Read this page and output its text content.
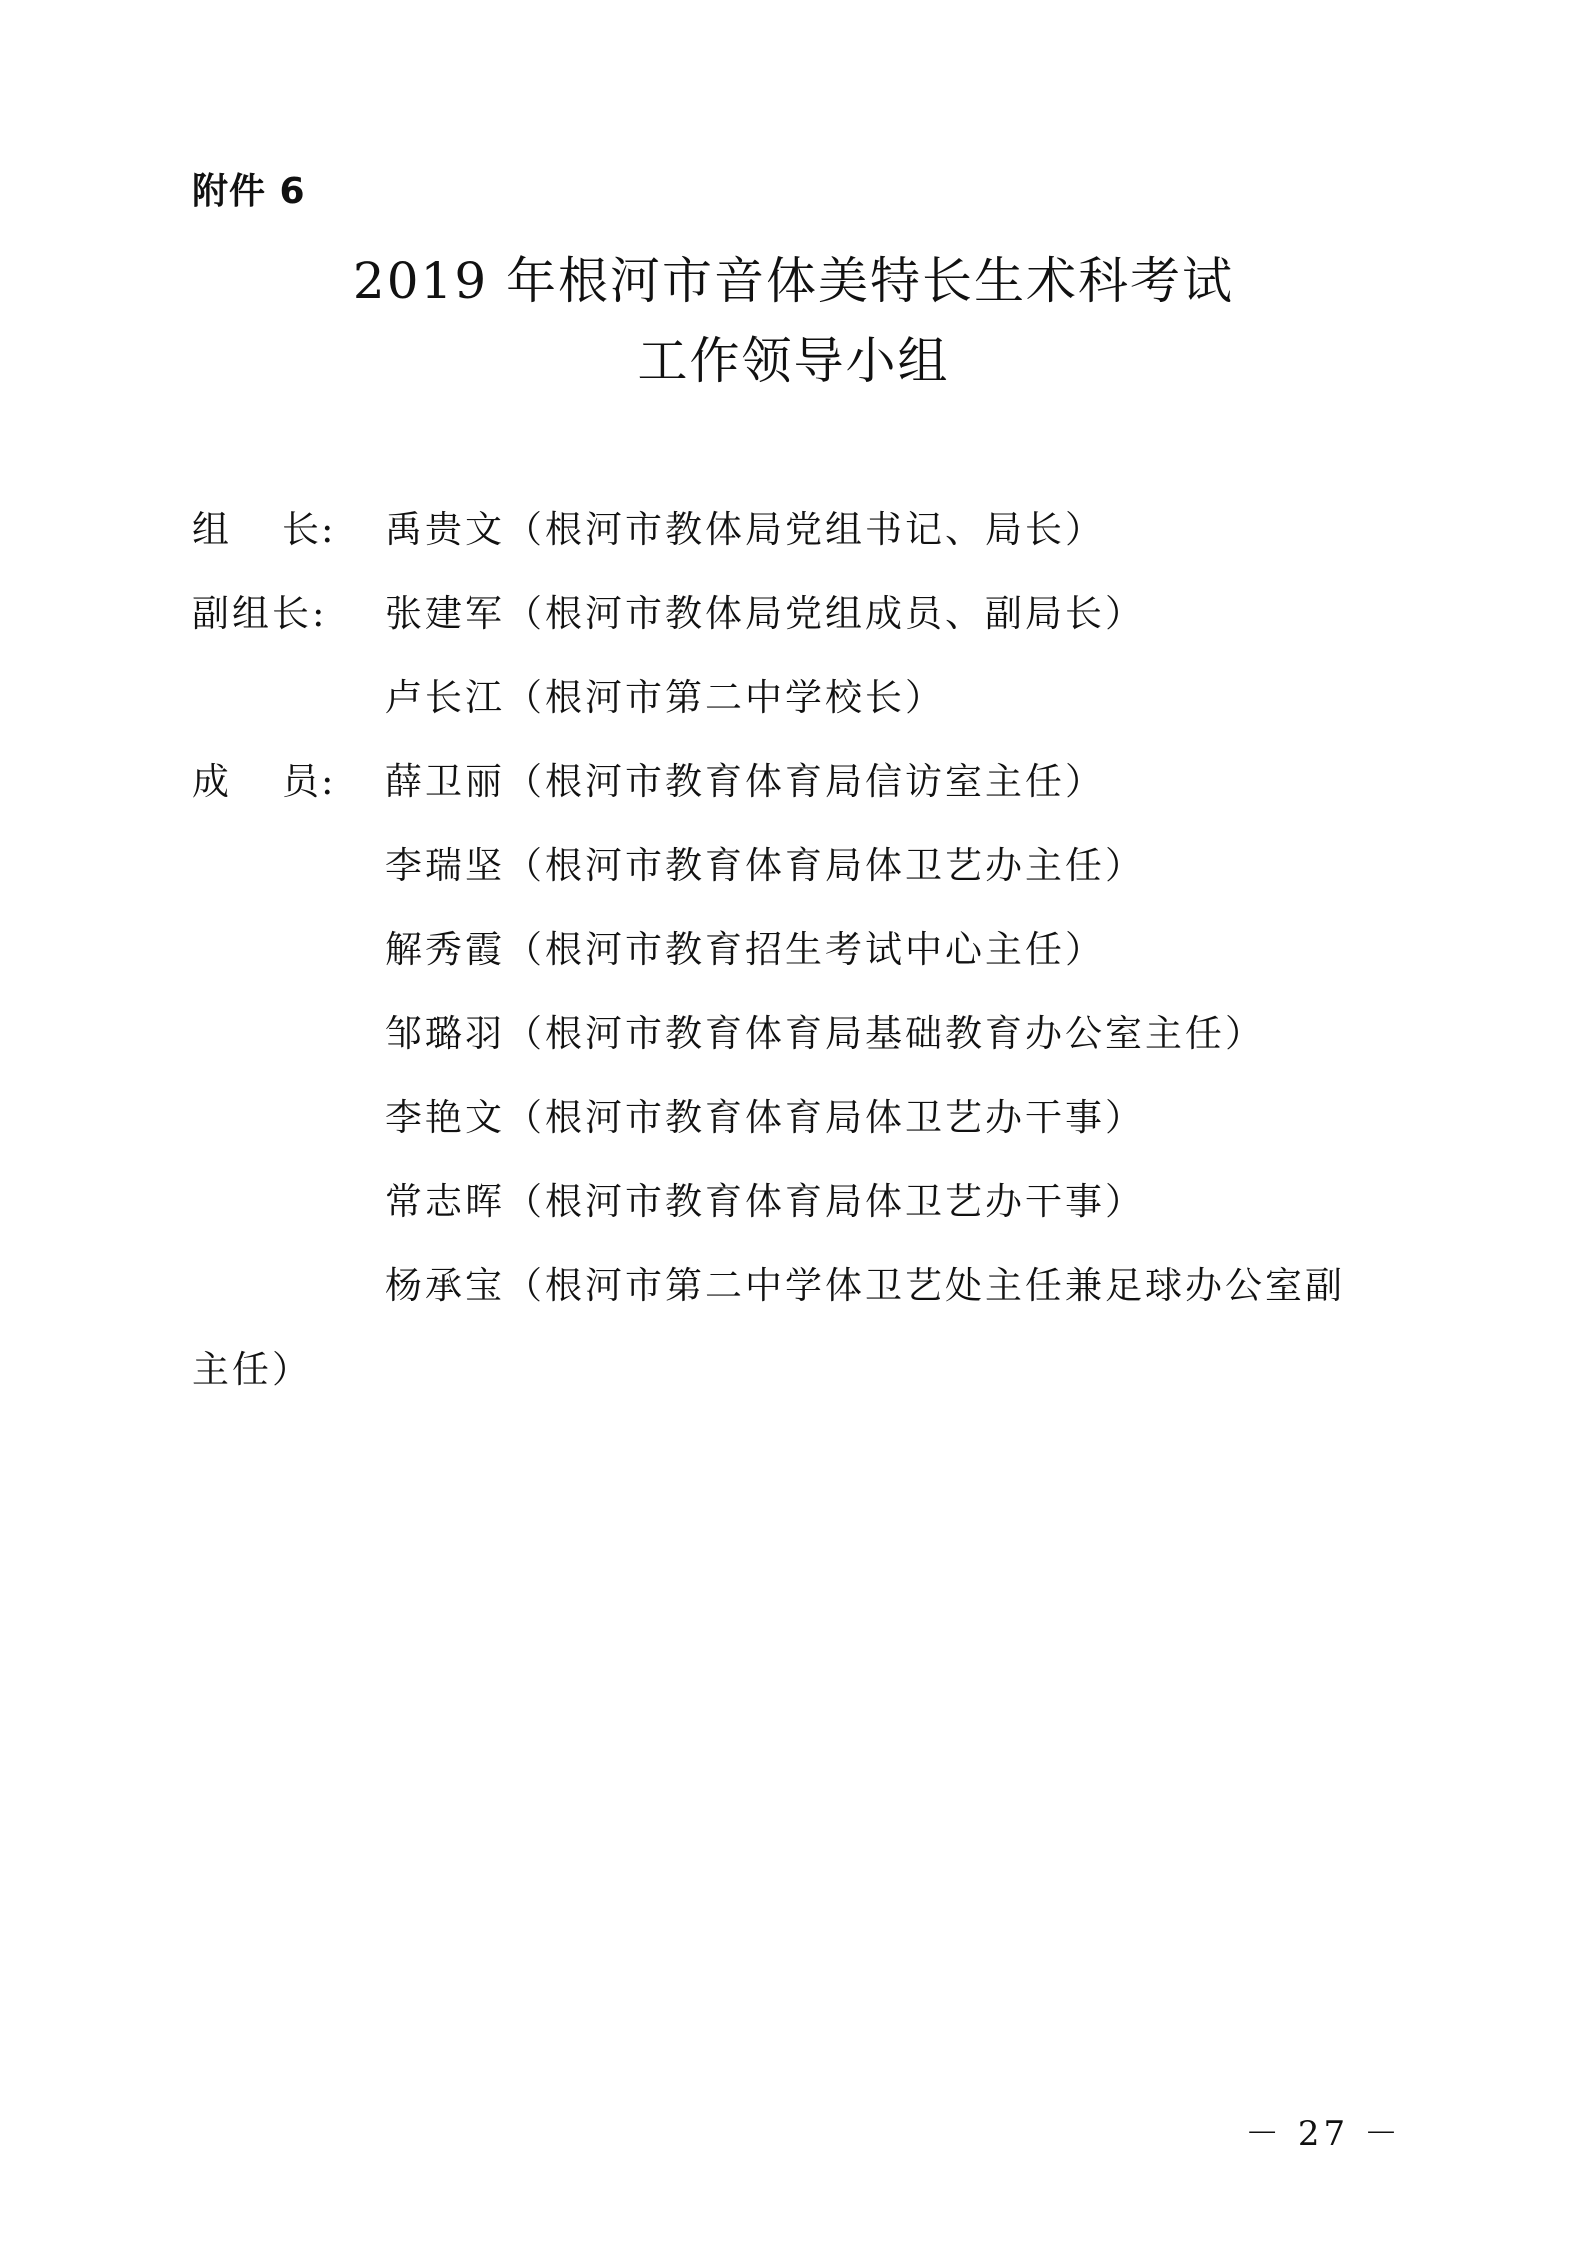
附件 6
2019 年根河市音体美特长生术科考试
工作领导小组
组 长: 禹贵文（根河市教体局党组书记、局长）
副组长:	张建军（根河市教体局党组成员、副局长）
卢长江（根河市第二中学校长）
成 员: 薛卫丽（根河市教育体育局信访室主任）
李瑞坚（根河市教育体育局体卫艺办主任）
解秀霞（根河市教育招生考试中心主任）
邹璐羽（根河市教育体育局基础教育办公室主任）
李艳文（根河市教育体育局体卫艺办干事）
常志晖（根河市教育体育局体卫艺办干事）
杨承宝（根河市第二中学体卫艺处主任兼足球办公室副
主任）
－ 27 －
